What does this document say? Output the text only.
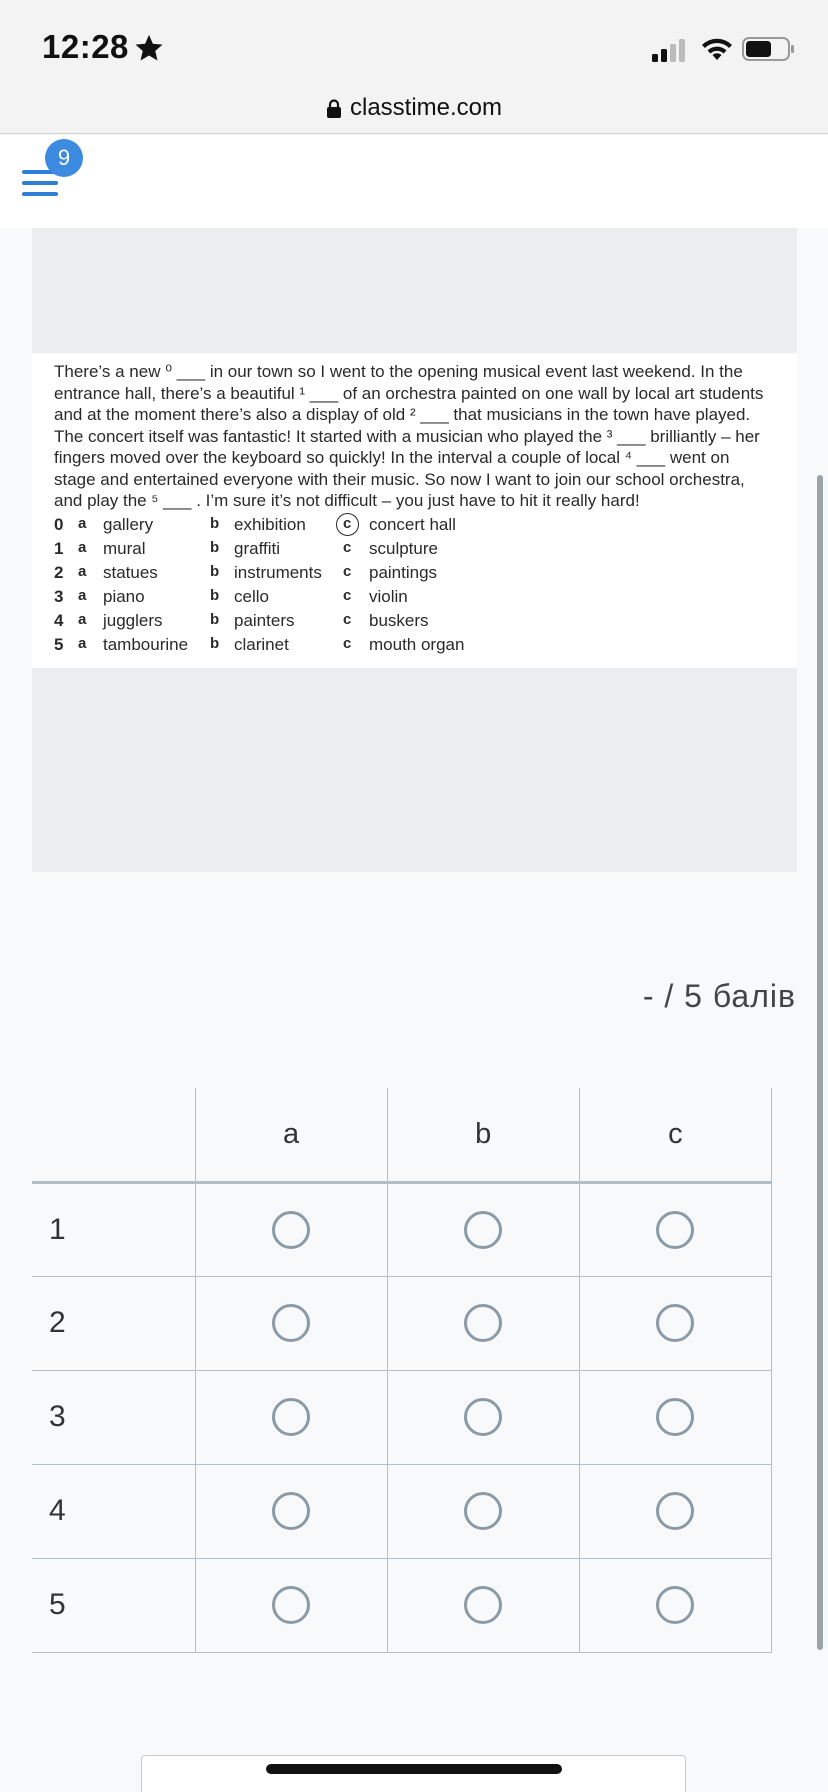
12:28
classtime.com
9

There’s a new ⁰ ___ in our town so I went to the opening musical event last weekend. In the entrance hall, there’s a beautiful ¹ ___ of an orchestra painted on one wall by local art students and at the moment there’s also a display of old ² ___ that musicians in the town have played. The concert itself was fantastic! It started with a musician who played the ³ ___ brilliantly – her fingers moved over the keyboard so quickly! In the interval a couple of local ⁴ ___ went on stage and entertained everyone with their music. So now I want to join our school orchestra, and play the ⁵ ___ . I’m sure it’s not difficult – you just have to hit it really hard!

0 a gallery	b exhibition c concert hall
1 a mural	b graffiti	c sculpture
2 a statues	b instruments c paintings
3 a piano	b cello	c violin
4 a jugglers	b painters	c buskers
5 a tambourine b clarinet	c mouth organ
- / 5 балів
	a	b	c
1			
2			
3			
4			
5			
